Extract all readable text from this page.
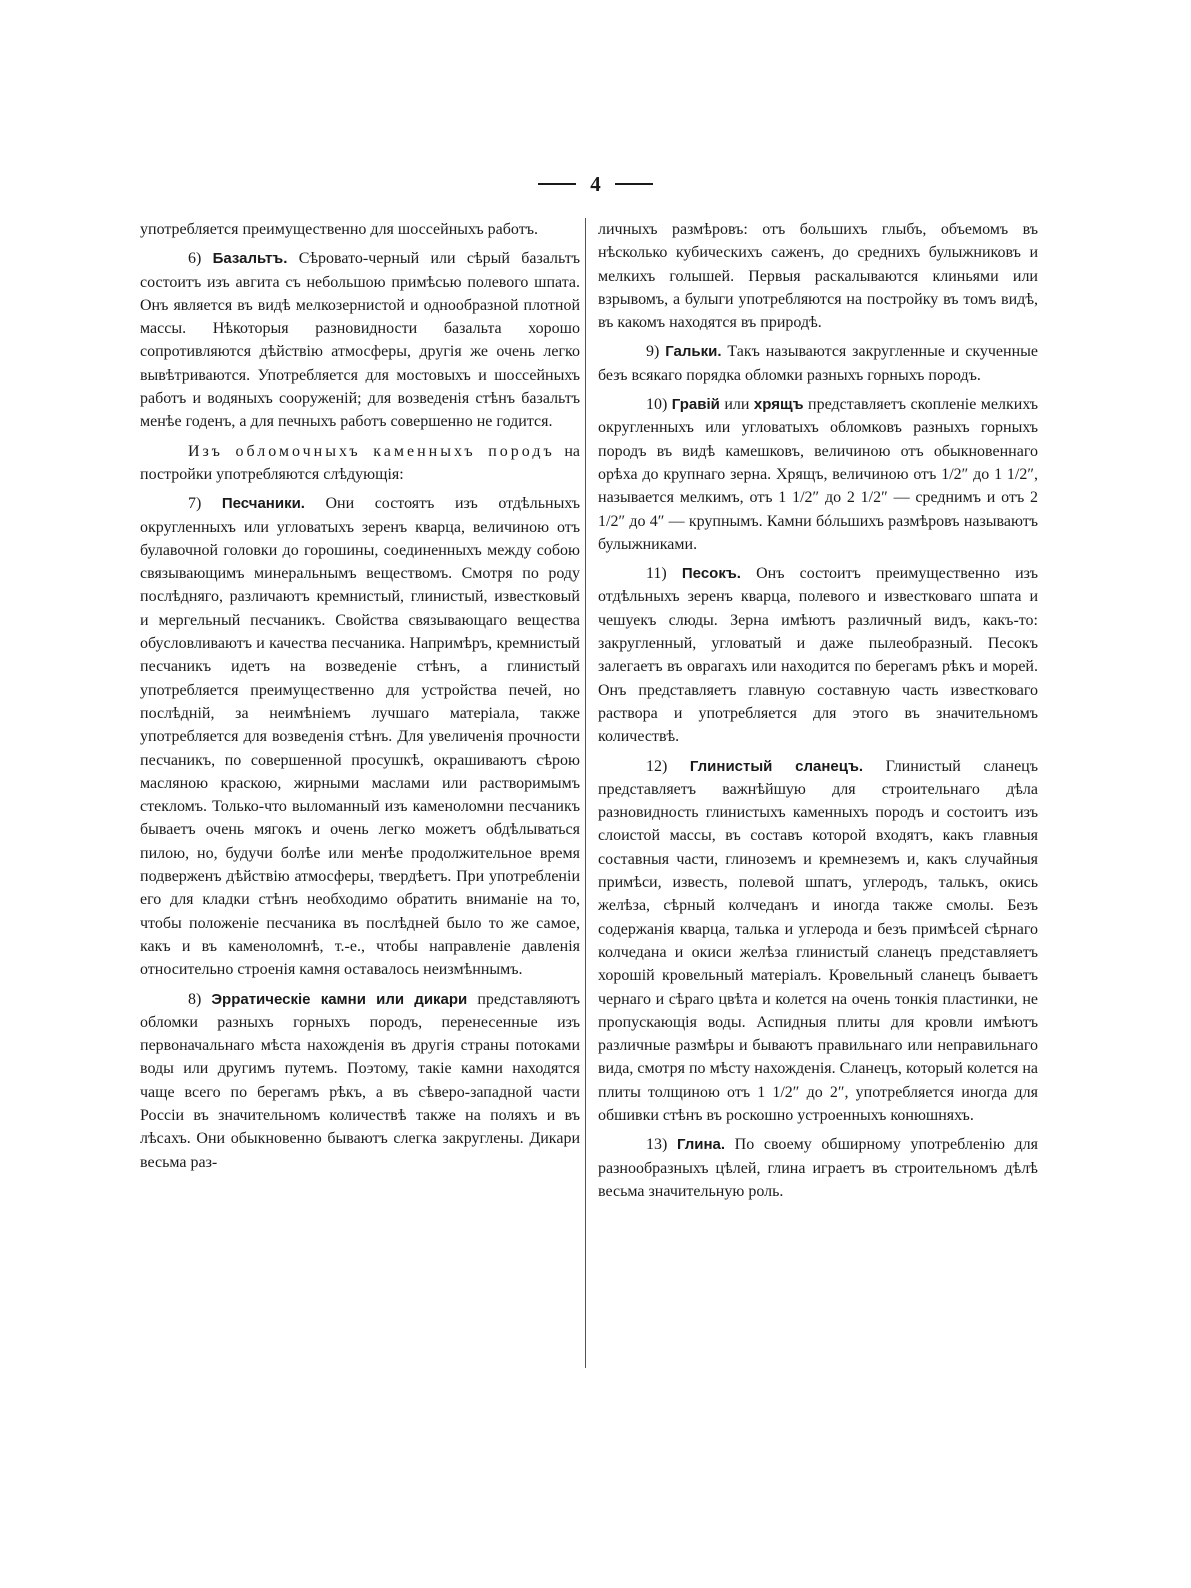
4

употребляется преимущественно для шоссейныхъ работъ.

6) Базальтъ. Сѣровато-черный или сѣрый базальтъ состоитъ изъ авгита съ небольшою примѣсью полевого шпата. Онъ является въ видѣ мелкозернистой и однообразной плотной массы. Нѣкоторыя разновидности базальта хорошо сопротивляются дѣйствію атмосферы, другія же очень легко вывѣтриваются. Употребляется для мостовыхъ и шоссейныхъ работъ и водяныхъ сооруженій; для возведенія стѣнъ базальтъ менѣе годенъ, а для печныхъ работъ совершенно не годится.

Изъ обломочныхъ каменныхъ породъ на постройки употребляются слѣдующія:

7) Песчаники. Они состоятъ изъ отдѣльныхъ округленныхъ или угловатыхъ зеренъ кварца, величиною отъ булавочной головки до горошины, соединенныхъ между собою связывающимъ минеральнымъ веществомъ. Смотря по роду послѣдняго, различаютъ кремнистый, глинистый, известковый и мергельный песчаникъ. Свойства связывающаго вещества обусловливаютъ и качества песчаника. Напримѣръ, кремнистый песчаникъ идетъ на возведеніе стѣнъ, а глинистый употребляется преимущественно для устройства печей, но послѣдній, за неимѣніемъ лучшаго матеріала, также употребляется для возведенія стѣнъ. Для увеличенія прочности песчаникъ, по совершенной просушкѣ, окрашиваютъ сѣрою масляною краскою, жирными маслами или растворимымъ стекломъ. Только-что выломанный изъ каменоломни песчаникъ бываетъ очень мягокъ и очень легко можетъ обдѣлываться пилою, но, будучи болѣе или менѣе продолжительное время подверженъ дѣйствію атмосферы, твердѣетъ. При употребленіи его для кладки стѣнъ необходимо обратить вниманіе на то, чтобы положеніе песчаника въ послѣдней было то же самое, какъ и въ каменоломнѣ, т.-е., чтобы направленіе давленія относительно строенія камня оставалось неизмѣннымъ.

8) Эрратическіе камни или дикари представляютъ обломки разныхъ горныхъ породъ, перенесенные изъ первоначальнаго мѣста нахожденія въ другія страны потоками воды или другимъ путемъ. Поэтому, такіе камни находятся чаще всего по берегамъ рѣкъ, а въ сѣверо-западной части Россіи въ значительномъ количествѣ также на поляхъ и въ лѣсахъ. Они обыкновенно бываютъ слегка закруглены. Дикари весьма раз-

личныхъ размѣровъ: отъ большихъ глыбъ, объемомъ въ нѣсколько кубическихъ саженъ, до среднихъ булыжниковъ и мелкихъ голышей. Первыя раскалываются клиньями или взрывомъ, а булыги употребляются на постройку въ томъ видѣ, въ какомъ находятся въ природѣ.

9) Гальки. Такъ называются закругленные и скученные безъ всякаго порядка обломки разныхъ горныхъ породъ.

10) Гравій или хрящъ представляетъ скопленіе мелкихъ округленныхъ или угловатыхъ обломковъ разныхъ горныхъ породъ въ видѣ камешковъ, величиною отъ обыкновеннаго орѣха до крупнаго зерна. Хрящъ, величиною отъ 1/2″ до 1 1/2″, называется мелкимъ, отъ 1 1/2″ до 2 1/2″ — среднимъ и отъ 2 1/2″ до 4″ — крупнымъ. Камни бóльшихъ размѣровъ называютъ булыжниками.

11) Песокъ. Онъ состоитъ преимущественно изъ отдѣльныхъ зеренъ кварца, полевого и известковаго шпата и чешуекъ слюды. Зерна имѣютъ различный видъ, какъ-то: закругленный, угловатый и даже пылеобразный. Песокъ залегаетъ въ оврагахъ или находится по берегамъ рѣкъ и морей. Онъ представляетъ главную составную часть известковаго раствора и употребляется для этого въ значительномъ количествѣ.

12) Глинистый сланецъ. Глинистый сланецъ представляетъ важнѣйшую для строительнаго дѣла разновидность глинистыхъ каменныхъ породъ и состоитъ изъ слоистой массы, въ составъ которой входятъ, какъ главныя составныя части, глиноземъ и кремнеземъ и, какъ случайныя примѣси, известь, полевой шпатъ, углеродъ, талькъ, окись желѣза, сѣрный колчеданъ и иногда также смолы. Безъ содержанія кварца, талька и углерода и безъ примѣсей сѣрнаго колчедана и окиси желѣза глинистый сланецъ представляетъ хорошій кровельный матеріалъ. Кровельный сланецъ бываетъ чернаго и сѣраго цвѣта и колется на очень тонкія пластинки, не пропускающія воды. Аспидныя плиты для кровли имѣютъ различные размѣры и бываютъ правильнаго или неправильнаго вида, смотря по мѣсту нахожденія. Сланецъ, который колется на плиты толщиною отъ 1 1/2″ до 2″, употребляется иногда для обшивки стѣнъ въ роскошно устроенныхъ конюшняхъ.

13) Глина. По своему обширному употребленію для разнообразныхъ цѣлей, глина играетъ въ строительномъ дѣлѣ весьма значительную роль.
